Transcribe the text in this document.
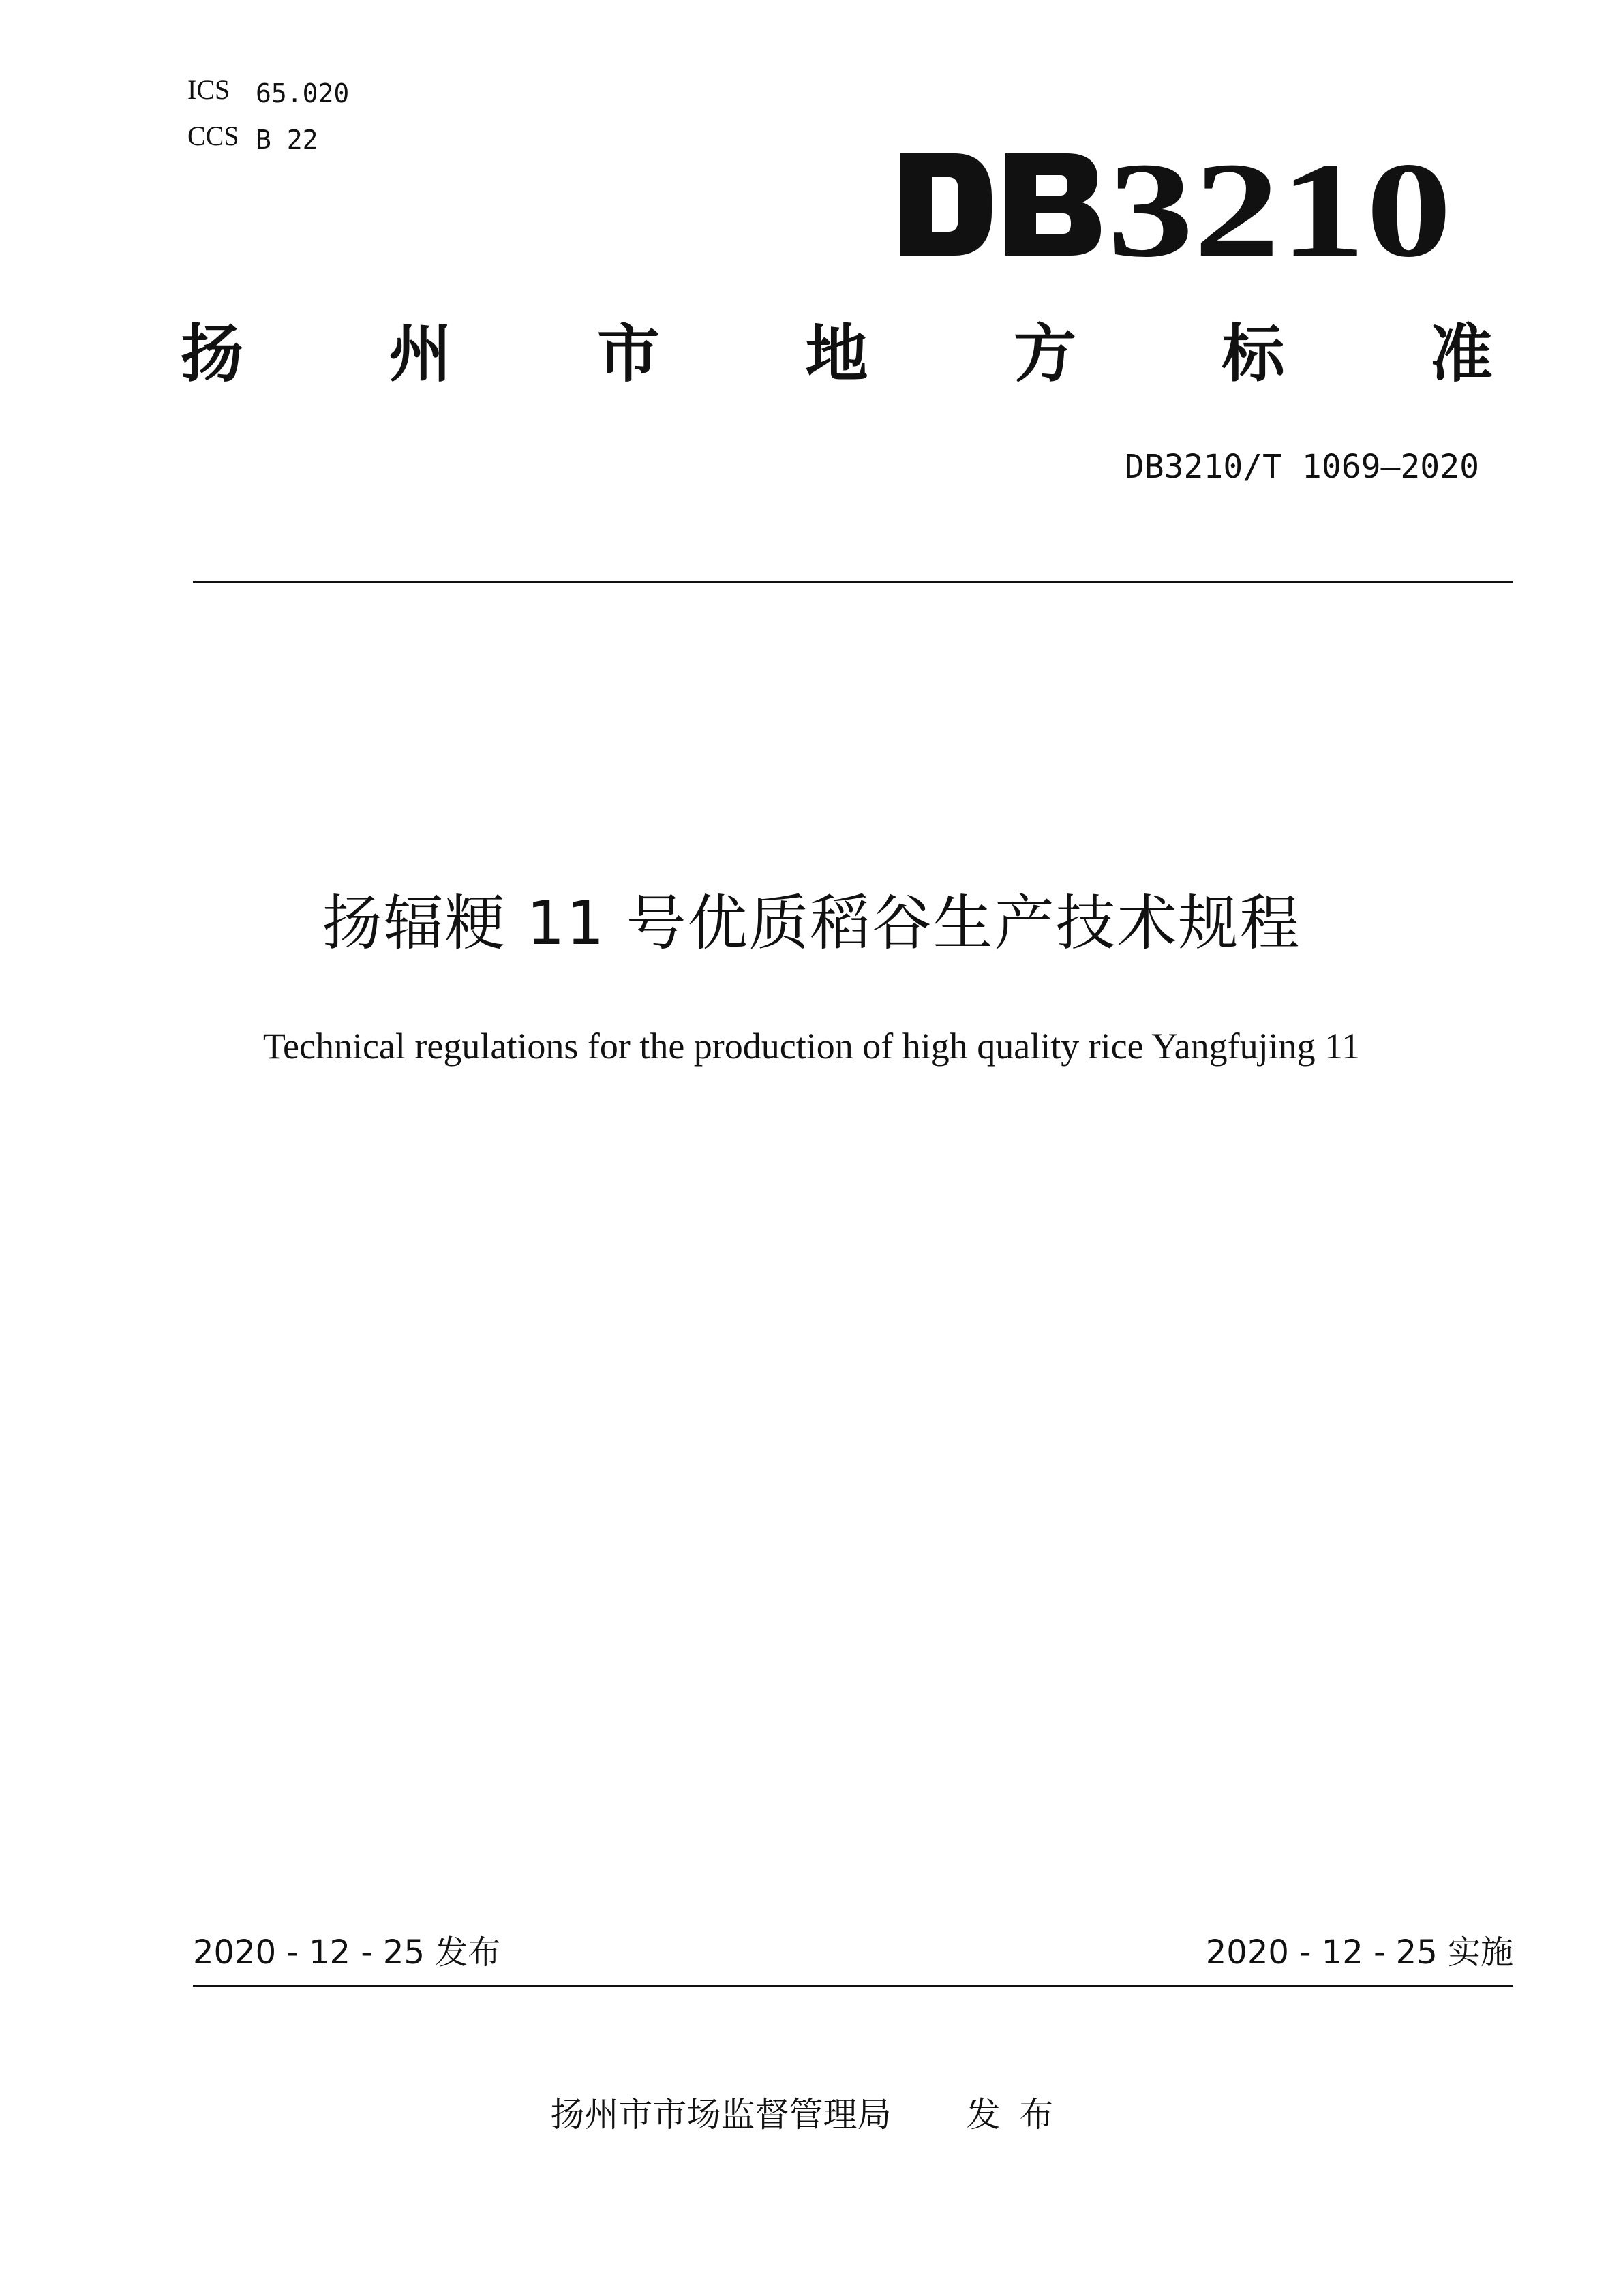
ICS 65.020
CCS B 22	3210
扬 州 市 地 方 标 准
DB3210/T 1069—2020
扬辐粳 11 号优质稻谷生产技术规程
Technical regulations for the production of high quality rice Yangfujing 11
2020 - 12 - 25 发布	2020 - 12 - 25 实施
扬州市市场监督管理局 发布
